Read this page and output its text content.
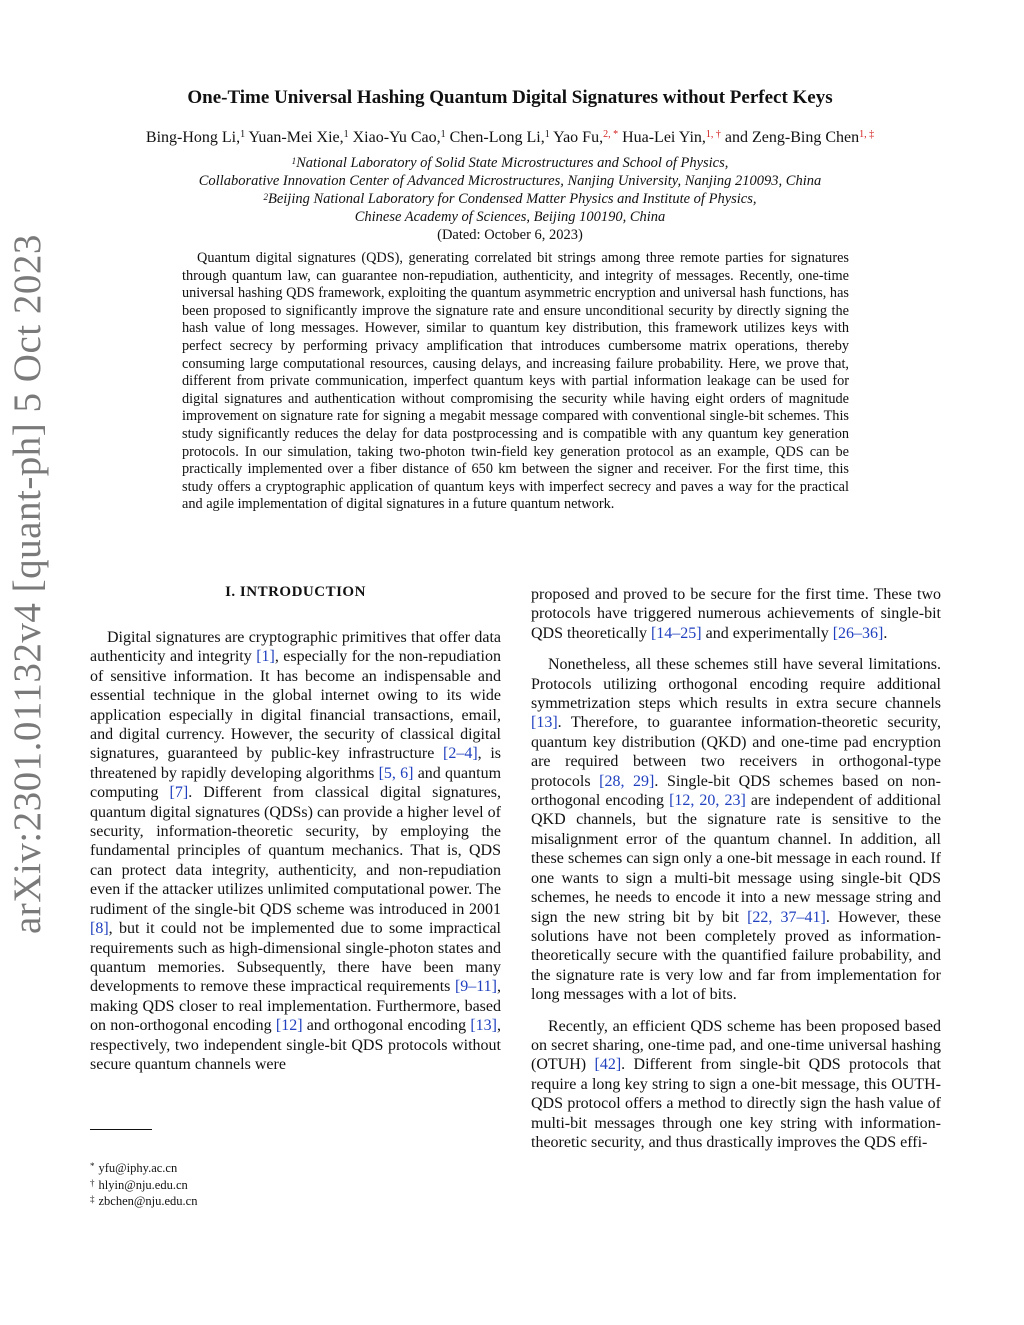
arXiv:2301.01132v4 [quant-ph] 5 Oct 2023
One-Time Universal Hashing Quantum Digital Signatures without Perfect Keys
Bing-Hong Li,$^1$ Yuan-Mei Xie,$^1$ Xiao-Yu Cao,$^1$ Chen-Long Li,$^1$ Yao Fu,$^{2, *}$ Hua-Lei Yin,$^{1, \dagger}$ and Zeng-Bing Chen$^{1, \ddagger}$
$^1$National Laboratory of Solid State Microstructures and School of Physics,
Collaborative Innovation Center of Advanced Microstructures, Nanjing University, Nanjing 210093, China
$^2$Beijing National Laboratory for Condensed Matter Physics and Institute of Physics,
Chinese Academy of Sciences, Beijing 100190, China
(Dated: October 6, 2023)
Quantum digital signatures (QDS), generating correlated bit strings among three remote parties for signatures through quantum law, can guarantee non-repudiation, authenticity, and integrity of messages. Recently, one-time universal hashing QDS framework, exploiting the quantum asymmetric encryption and universal hash functions, has been proposed to significantly improve the signature rate and ensure unconditional security by directly signing the hash value of long messages. However, similar to quantum key distribution, this framework utilizes keys with perfect secrecy by performing privacy amplification that introduces cumbersome matrix operations, thereby consuming large computational resources, causing delays, and increasing failure probability. Here, we prove that, different from private communication, imperfect quantum keys with partial information leakage can be used for digital signatures and authentication without compromising the security while having eight orders of magnitude improvement on signature rate for signing a megabit message compared with conventional single-bit schemes. This study significantly reduces the delay for data postprocessing and is compatible with any quantum key generation protocols. In our simulation, taking two-photon twin-field key generation protocol as an example, QDS can be practically implemented over a fiber distance of 650 km between the signer and receiver. For the first time, this study offers a cryptographic application of quantum keys with imperfect secrecy and paves a way for the practical and agile implementation of digital signatures in a future quantum network.
I. INTRODUCTION

Digital signatures are cryptographic primitives that offer data authenticity and integrity [1], especially for the non-repudiation of sensitive information. It has become an indispensable and essential technique in the global internet owing to its wide application especially in digital financial transactions, email, and digital currency. However, the security of classical digital signatures, guaranteed by public-key infrastructure [2–4], is threatened by rapidly developing algorithms [5, 6] and quantum computing [7]. Different from classical digital signatures, quantum digital signatures (QDSs) can provide a higher level of security, information-theoretic security, by employing the fundamental principles of quantum mechanics. That is, QDS can protect data integrity, authenticity, and non-repudiation even if the attacker utilizes unlimited computational power. The rudiment of the single-bit QDS scheme was introduced in 2001 [8], but it could not be implemented due to some impractical requirements such as high-dimensional single-photon states and quantum memories. Subsequently, there have been many developments to remove these impractical requirements [9–11], making QDS closer to real implementation. Furthermore, based on non-orthogonal encoding [12] and orthogonal encoding [13], respectively, two independent single-bit QDS protocols without secure quantum channels were

proposed and proved to be secure for the first time. These two protocols have triggered numerous achievements of single-bit QDS theoretically [14–25] and experimentally [26–36].

Nonetheless, all these schemes still have several limitations. Protocols utilizing orthogonal encoding require additional symmetrization steps which results in extra secure channels [13]. Therefore, to guarantee information-theoretic security, quantum key distribution (QKD) and one-time pad encryption are required between two receivers in orthogonal-type protocols [28, 29]. Single-bit QDS schemes based on non-orthogonal encoding [12, 20, 23] are independent of additional QKD channels, but the signature rate is sensitive to the misalignment error of the quantum channel. In addition, all these schemes can sign only a one-bit message in each round. If one wants to sign a multi-bit message using single-bit QDS schemes, he needs to encode it into a new message string and sign the new string bit by bit [22, 37–41]. However, these solutions have not been completely proved as information-theoretically secure with the quantified failure probability, and the signature rate is very low and far from implementation for long messages with a lot of bits.

Recently, an efficient QDS scheme has been proposed based on secret sharing, one-time pad, and one-time universal hashing (OTUH) [42]. Different from single-bit QDS protocols that require a long key string to sign a one-bit message, this OUTH-QDS protocol offers a method to directly sign the hash value of multi-bit messages through one key string with information-theoretic security, and thus drastically improves the QDS effi-

* yfu@iphy.ac.cn
† hlyin@nju.edu.cn
‡ zbchen@nju.edu.cn
